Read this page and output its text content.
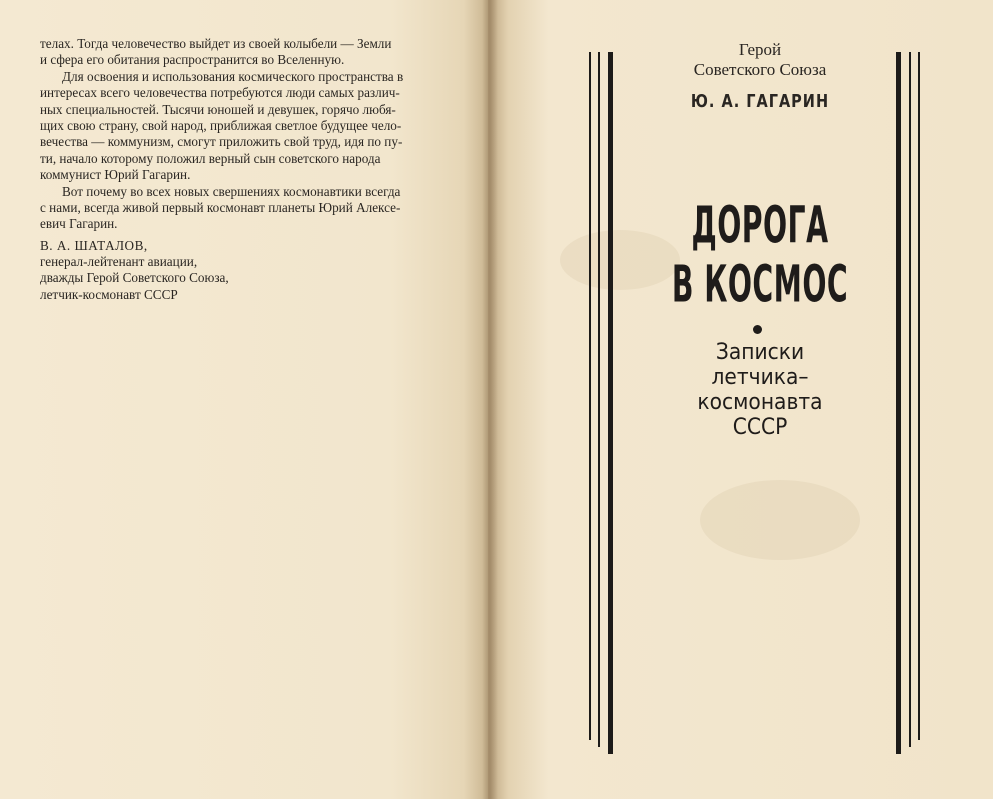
телах. Тогда человечество выйдет из своей колыбели — Земли
и сфера его обитания распространится во Вселенную.

Для освоения и использования космического пространства в
интересах всего человечества потребуются люди самых различ-
ных специальностей. Тысячи юношей и девушек, горячо любя-
щих свою страну, свой народ, приближая светлое будущее чело-
вечества — коммунизм, смогут приложить свой труд, идя по пу-
ти, начало которому положил верный сын советского народа
коммунист Юрий Гагарин.

Вот почему во всех новых свершениях космонавтики всегда
с нами, всегда живой первый космонавт планеты Юрий Алексе-
евич Гагарин.

В. А. ШАТАЛОВ,
генерал-лейтенант авиации,
дважды Герой Советского Союза,
летчик-космонавт СССР
Герой
Советского Союза
Ю. А. ГАГАРИН
ДОРОГА
В КОСМОС
Записки
летчика–
космонавта
СССР
